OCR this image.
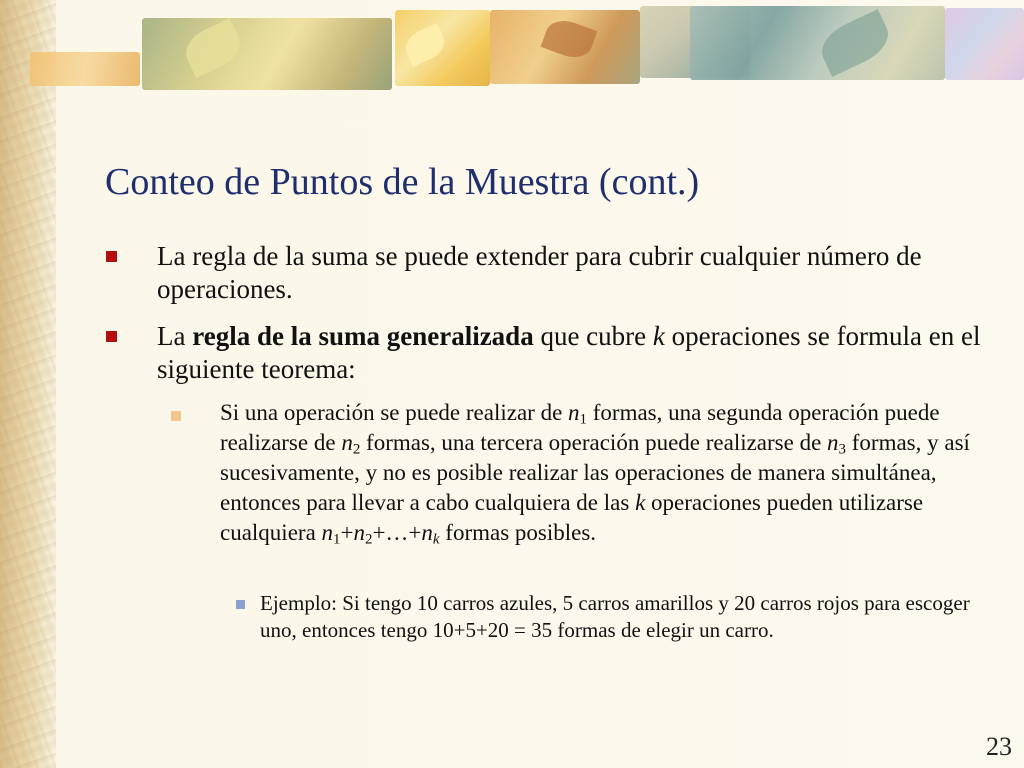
Conteo de Puntos de la Muestra (cont.)
La regla de la suma se puede extender para cubrir cualquier número de operaciones.
La regla de la suma generalizada que cubre k operaciones se formula en el siguiente teorema:
Si una operación se puede realizar de $n_1$ formas, una segunda operación puede realizarse de $n_2$ formas, una tercera operación puede realizarse de $n_3$ formas, y así sucesivamente, y no es posible realizar las operaciones de manera simultánea, entonces para llevar a cabo cualquiera de las k operaciones pueden utilizarse cualquiera $n_1+n_2+\dots+n_k$ formas posibles.
Ejemplo: Si tengo 10 carros azules, 5 carros amarillos y 20 carros rojos para escoger uno, entonces tengo 10+5+20 = 35 formas de elegir un carro.
23
